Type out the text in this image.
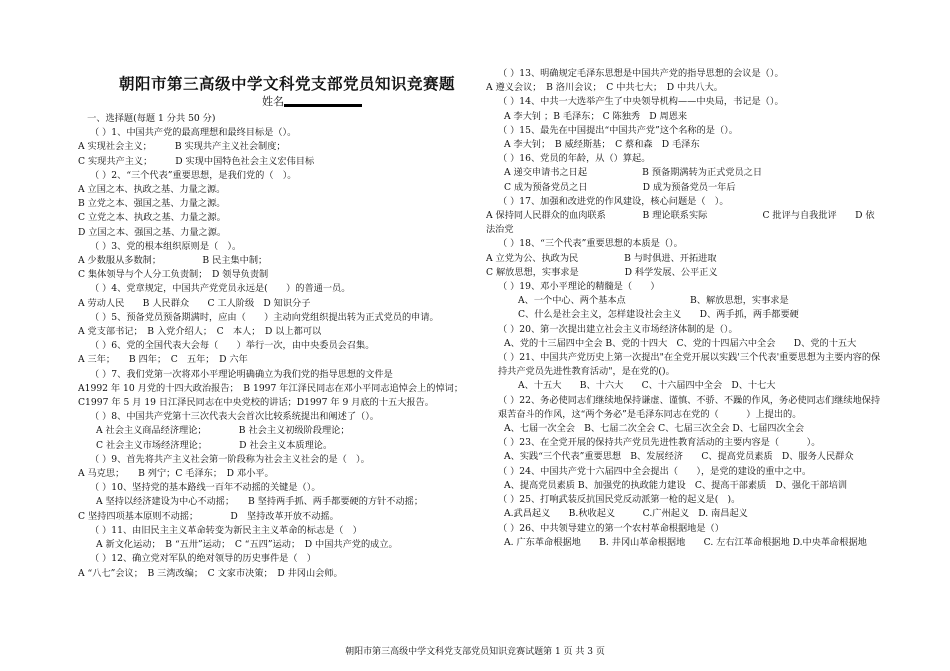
朝阳市第三高级中学文科党支部党员知识竞赛题
姓名
　一、选择题(每题 1 分共 50 分)
（ ）1、中国共产党的最高理想和最终目标是（）。
A 实现社会主义；　　　B 实现共产主义社会制度；
C 实现共产主义；　　　D 实现中国特色社会主义宏伟目标
（ ）2、“三个代表”重要思想，是我们党的（　）。
A 立国之本、执政之基、力量之源。
B 立党之本、强国之基、力量之源。
C 立党之本、执政之基、力量之源。
D 立国之本、强国之基、力量之源。
（ ）3、党的根本组织原则是（　）。
A 少数服从多数制；　　　　　B 民主集中制；
C 集体领导与个人分工负责制；　D 领导负责制
（ ）4、党章规定，中国共产党党员永远是(　　）的普通一员。
A 劳动人民　　B 人民群众　　C 工人阶级　D 知识分子
（ ）5、预备党员预备期满时，应由（　　）主动向党组织提出转为正式党员的申请。
A 党支部书记；　B 入党介绍人；　C　本人；　D 以上都可以
（ ）6、党的全国代表大会每（　　）举行一次，由中央委员会召集。
A 三年；　　B 四年；　C　五年；　D 六年
（ ）7、我们党第一次将邓小平理论明确确立为我们党的指导思想的文件是
A1992 年 10 月党的十四大政治报告；　B 1997 年江泽民同志在邓小平同志追悼会上的悼词；
C1997 年 5 月 19 日江泽民同志在中央党校的讲话；D1997 年 9 月底的十五大报告。
（ ）8、中国共产党第十三次代表大会首次比较系统提出和阐述了（）。
A 社会主义商品经济理论；　　　　B 社会主义初级阶段理论；
C 社会主义市场经济理论；　　　　D 社会主义本质理论。
（ ）9、首先将共产主义社会第一阶段称为社会主义社会的是（　）。
A 马克思；　　B 列宁；C 毛泽东；　D 邓小平。
（ ）10、坚持党的基本路线一百年不动摇的关键是（）。
A 坚持以经济建设为中心不动摇；　　B 坚持两手抓、两手都要硬的方针不动摇；
C 坚持四项基本原则不动摇；　　　　D　坚持改革开放不动摇。
（ ）11、由旧民主主义革命转变为新民主主义革命的标志是（　）
A 新文化运动；　B “五卅”运动；　C “五四”运动；　D 中国共产党的成立。
（ ）12、确立党对军队的绝对领导的历史事件是（　）
A “八七”会议；　B 三湾改编；　C 文家市决策；　D 井冈山会师。
（ ）13、明确规定毛泽东思想是中国共产党的指导思想的会议是（）。
A 遵义会议；　B 洛川会议；　C 中共七大；　D 中共八大。
（ ）14、中共一大选举产生了中央领导机构——中央局，书记是（）。
A 李大钊 ；B 毛泽东； C 陈独秀　D 周恩来
（ ）15、最先在中国提出“中国共产党”这个名称的是（）。
A 李大钊；　B 威经斯基；　C 蔡和森　D 毛泽东
（ ）16、党员的年龄，从（）算起。
A 递交申请书之日起　　　　　　B 预备期满转为正式党员之日
C 成为预备党员之日　　　　　　D 成为预备党员一年后
（ ）17、加强和改进党的作风建设，核心问题是（　）。
A 保持同人民群众的血肉联系　　　　B 理论联系实际　　　　　　C 批评与自我批评　　D 依法治党
（ ）18、“三个代表”重要思想的本质是（）。
A 立党为公、执政为民　　　　　B 与时俱进、开拓进取
C 解放思想，实事求是　　　　　D 科学发展、公平正义
（ ）19、邓小平理论的精髓是（　　）
A、一个中心、两个基本点　　　　　　　B、解放思想，实事求是
C、什么是社会主义，怎样建设社会主义　　D、两手抓，两手都要硬
（ ）20、第一次提出建立社会主义市场经济体制的是（）。
A、党的十三届四中全会 B、党的十四大　C、党的十四届六中全会　　D、党的十五大
（ ）21、中国共产党历史上第一次提出"在全党开展以实践'三个代表'重要思想为主要内容的保持共产党员先进性教育活动"，是在党的()。
A、十五大　　B、十六大　　C、十六届四中全会　D、十七大
（ ）22、务必使同志们继续地保持谦虚、谨慎、不骄、不躁的作风，务必使同志们继续地保持艰苦奋斗的作风，这“两个务必”是毛泽东同志在党的（　　　）上提出的。
A、七届一次全会　B、七届二次全会 C、七届三次全会 D、七届四次全会
（ ）23、在全党开展的保持共产党员先进性教育活动的主要内容是（　　　）。
A、实践“三个代表”重要思想　B、发展经济　　C、提高党员素质　D、服务人民群众
（ ）24、中国共产党十六届四中全会提出（　　），是党的建设的重中之中。
A、提高党员素质 B、加强党的执政能力建设　C、提高干部素质　D、强化干部培训
（ ）25、打响武装反抗国民党反动派第一枪的起义是(　)。
A.武昌起义　　B.秋收起义　　　C.广州起义　D. 南昌起义
（ ）26、中共领导建立的第一个农村革命根据地是（）
A. 广东革命根据地　　B. 井冈山革命根据地　　C. 左右江革命根据地 D.中央革命根据地
朝阳市第三高级中学文科党支部党员知识竞赛试题第 1 页 共 3 页
